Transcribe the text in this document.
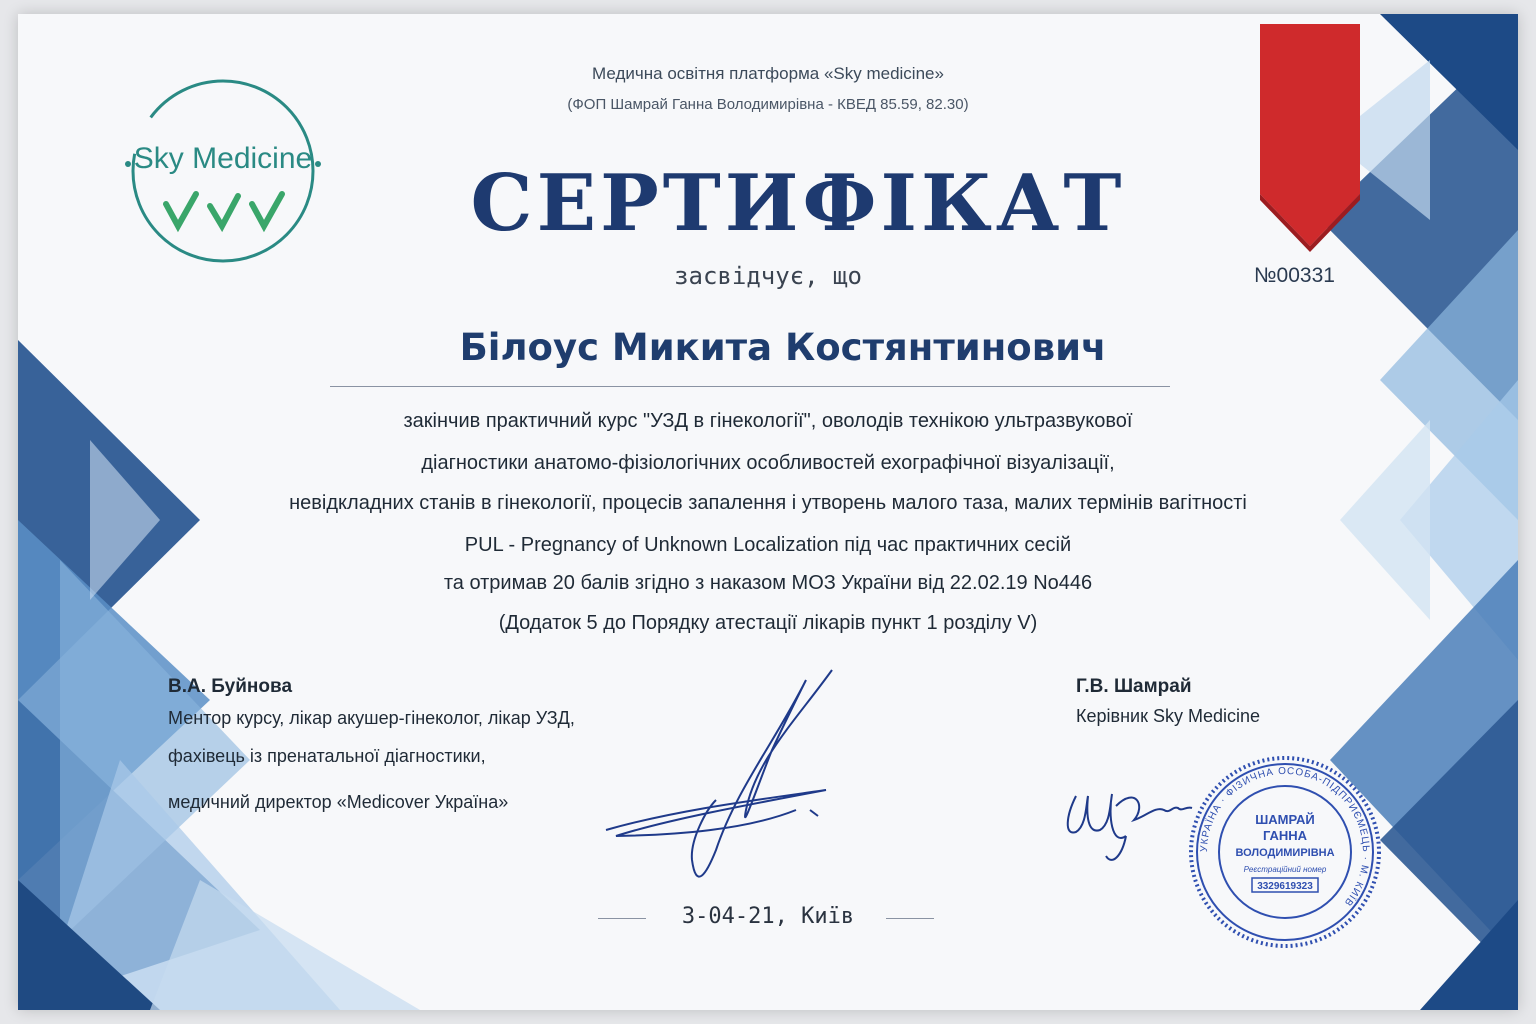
Sky Medicine
Медична освітня платформа «Sky medicine»
(ФОП Шамрай Ганна Володимирівна - КВЕД 85.59, 82.30)
СЕРТИФІКАТ
№00331
засвідчує, що
Білоус Микита Костянтинович
закінчив практичний курс "УЗД в гінекології", оволодів технікою ультразвукової
діагностики анатомо-фізіологічних особливостей ехографічної візуалізації,
невідкладних станів в гінекології, процесів запалення і утворень малого таза, малих термінів вагітності
PUL - Pregnancy of Unknown Localization під час практичних сесій
та отримав 20 балів згідно з наказом МОЗ України від 22.02.19 No446
(Додаток 5 до Порядку атестації лікарів пункт 1 розділу V)
В.А. Буйнова
Ментор курсу, лікар акушер-гінеколог, лікар УЗД,
фахівець із пренатальної діагностики,
медичний директор «Medicover Україна»
Г.В. Шамрай
Керівник Sky Medicine
УКРАЇНА · ФІЗИЧНА ОСОБА-ПІДПРИЄМЕЦЬ · М. КИЇВ
ШАМРАЙ
ГАННА
ВОЛОДИМИРІВНА
Реєстраційний номер
3329619323
3-04-21, Київ
